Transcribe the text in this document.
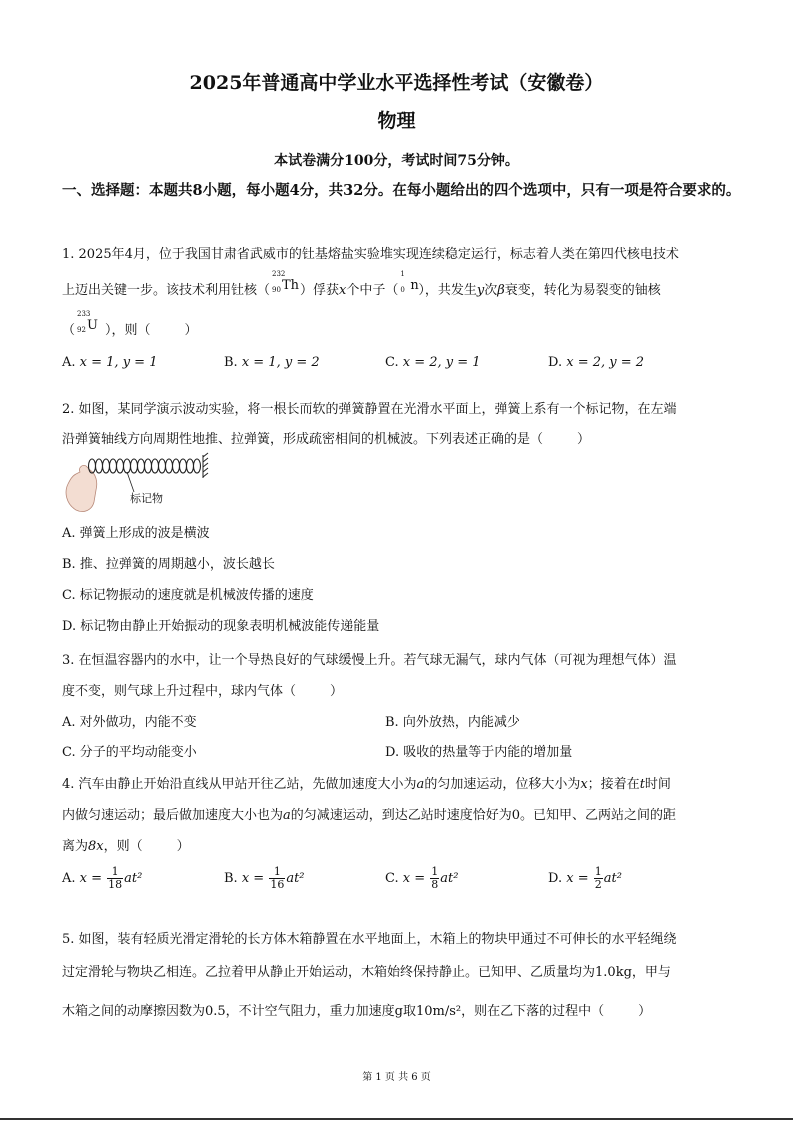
2025年普通高中学业水平选择性考试（安徽卷）
物理
本试卷满分100分，考试时间75分钟。
一、选择题：本题共8小题，每小题4分，共32分。在每小题给出的四个选项中，只有一项是符合要求的。
1. 2025年4月，位于我国甘肃省武威市的钍基熔盐实验堆实现连续稳定运行，标志着人类在第四代核电技术
上迈出关键一步。该技术利用钍核（
232
90 Th ）俘获x个中子（
1
0 n ），共发生y次β衰变，转化为易裂变的铀核
（
233
92 U ），则（	）
A. x = 1, y = 1	B. x = 1, y = 2	C. x = 2, y = 1	D. x = 2, y = 2
2. 如图，某同学演示波动实验，将一根长而软的弹簧静置在光滑水平面上，弹簧上系有一个标记物，在左端
沿弹簧轴线方向周期性地推、拉弹簧，形成疏密相间的机械波。下列表述正确的是（	）
标记物
A. 弹簧上形成的波是横波
B. 推、拉弹簧的周期越小，波长越长
C. 标记物振动的速度就是机械波传播的速度
D. 标记物由静止开始振动的现象表明机械波能传递能量
3. 在恒温容器内的水中，让一个导热良好的气球缓慢上升。若气球无漏气，球内气体（可视为理想气体）温
度不变，则气球上升过程中，球内气体（	）
A. 对外做功，内能不变	B. 向外放热，内能减少
C. 分子的平均动能变小	D. 吸收的热量等于内能的增加量
4. 汽车由静止开始沿直线从甲站开往乙站，先做加速度大小为a的匀加速运动，位移大小为x；接着在t时间
内做匀速运动；最后做加速度大小也为a的匀减速运动，到达乙站时速度恰好为0。已知甲、乙两站之间的距
离为8x，则（	）
A. $x = \frac{1}{18} at^2$	B. $x = \frac{1}{16} at^2$	C. $x = \frac{1}{8} at^2$	D. $x = \frac{1}{2} at^2$
5. 如图，装有轻质光滑定滑轮的长方体木箱静置在水平地面上，木箱上的物块甲通过不可伸长的水平轻绳绕
过定滑轮与物块乙相连。乙拉着甲从静止开始运动，木箱始终保持静止。已知甲、乙质量均为1.0kg，甲与
木箱之间的动摩擦因数为0.5，不计空气阻力，重力加速度g取10m/s²，则在乙下落的过程中（	）
第 1 页 共 6 页
